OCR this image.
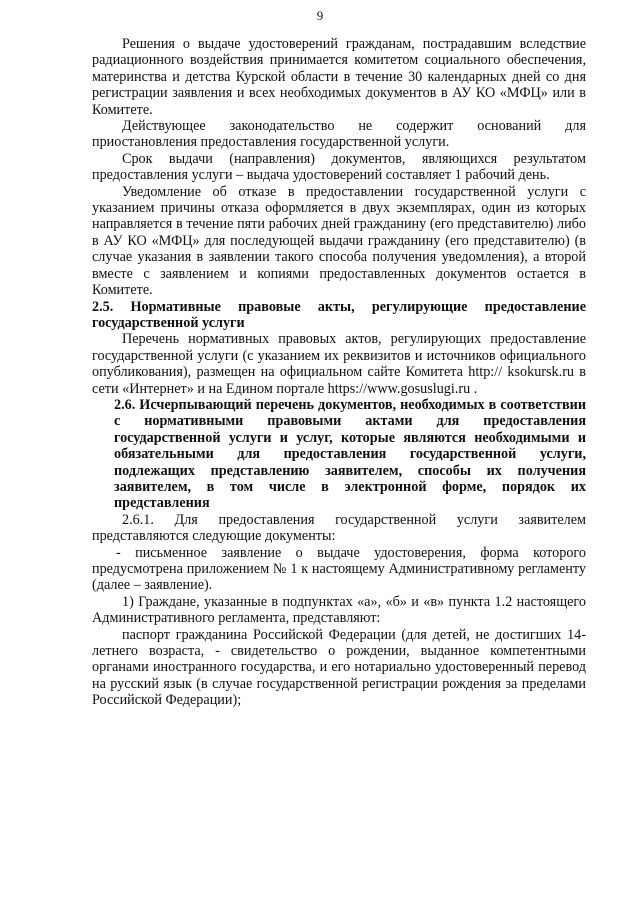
9

Решения о выдаче удостоверений гражданам, пострадавшим вследствие радиационного воздействия принимается комитетом социального обеспечения, материнства и детства Курской области в течение 30 календарных дней со дня регистрации заявления и всех необходимых документов в АУ КО «МФЦ» или в Комитете.

Действующее законодательство не содержит оснований для приостановления предоставления государственной услуги.

Срок выдачи (направления) документов, являющихся результатом предоставления услуги – выдача удостоверений составляет 1 рабочий день.

Уведомление об отказе в предоставлении государственной услуги с указанием причины отказа оформляется в двух экземплярах, один из которых направляется в течение пяти рабочих дней гражданину (его представителю) либо в АУ КО «МФЦ» для последующей выдачи гражданину (его представителю) (в случае указания в заявлении такого способа получения уведомления), а второй вместе с заявлением и копиями предоставленных документов остается в Комитете.

2.5. Нормативные правовые акты, регулирующие предоставление государственной услуги

Перечень нормативных правовых актов, регулирующих предоставление государственной услуги (с указанием их реквизитов и источников официального опубликования), размещен на официальном сайте Комитета http:// ksokursk.ru в сети «Интернет» и на Едином портале https://www.gosuslugi.ru .

2.6. Исчерпывающий перечень документов, необходимых в соответствии с нормативными правовыми актами для предоставления государственной услуги и услуг, которые являются необходимыми и обязательными для предоставления государственной услуги, подлежащих представлению заявителем, способы их получения заявителем, в том числе в электронной форме, порядок их представления

2.6.1. Для предоставления государственной услуги заявителем представляются следующие документы:

- письменное заявление о выдаче удостоверения, форма которого предусмотрена приложением № 1 к настоящему Административному регламенту (далее – заявление).

1) Граждане, указанные в подпунктах «а», «б» и «в» пункта 1.2 настоящего Административного регламента, представляют:

паспорт гражданина Российской Федерации (для детей, не достигших 14-летнего возраста, - свидетельство о рождении, выданное компетентными органами иностранного государства, и его нотариально удостоверенный перевод на русский язык (в случае государственной регистрации рождения за пределами Российской Федерации);
